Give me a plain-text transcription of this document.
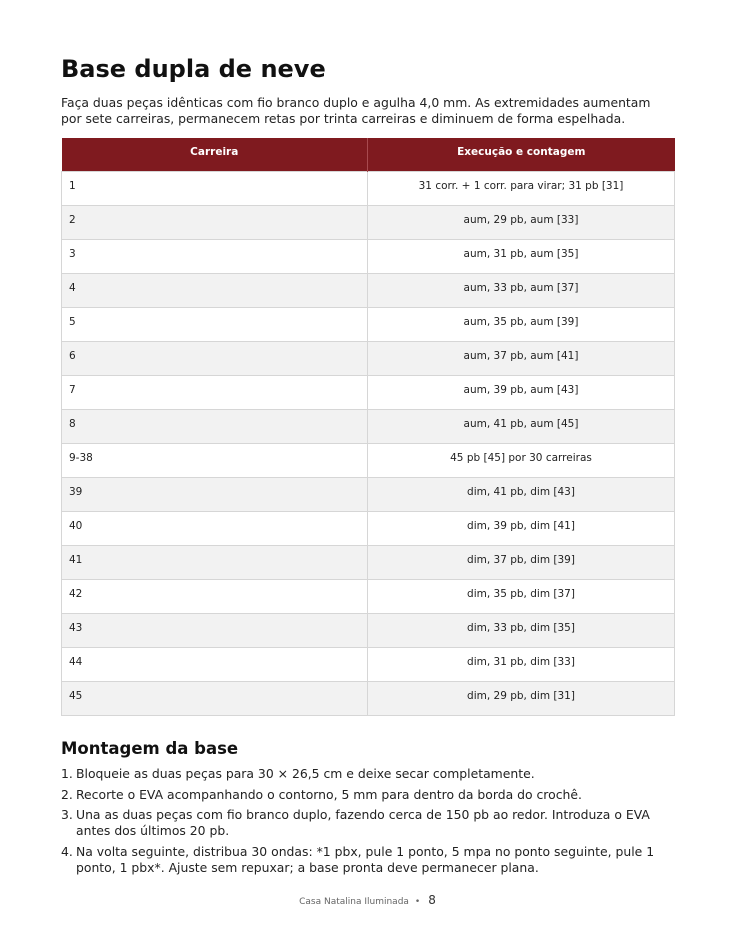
Base dupla de neve

Faça duas peças idênticas com fio branco duplo e agulha 4,0 mm. As extremidades aumentam por sete carreiras, permanecem retas por trinta carreiras e diminuem de forma espelhada.

Carreira	Execução e contagem
1	31 corr. + 1 corr. para virar; 31 pb [31]
2	aum, 29 pb, aum [33]
3	aum, 31 pb, aum [35]
4	aum, 33 pb, aum [37]
5	aum, 35 pb, aum [39]
6	aum, 37 pb, aum [41]
7	aum, 39 pb, aum [43]
8	aum, 41 pb, aum [45]
9-38	45 pb [45] por 30 carreiras
39	dim, 41 pb, dim [43]
40	dim, 39 pb, dim [41]
41	dim, 37 pb, dim [39]
42	dim, 35 pb, dim [37]
43	dim, 33 pb, dim [35]
44	dim, 31 pb, dim [33]
45	dim, 29 pb, dim [31]
Montagem da base
1. Bloqueie as duas peças para 30 × 26,5 cm e deixe secar completamente.
2. Recorte o EVA acompanhando o contorno, 5 mm para dentro da borda do crochê.
3. Una as duas peças com fio branco duplo, fazendo cerca de 150 pb ao redor. Introduza o EVA antes dos últimos 20 pb.
4. Na volta seguinte, distribua 30 ondas: *1 pbx, pule 1 ponto, 5 mpa no ponto seguinte, pule 1 ponto, 1 pbx*. Ajuste sem repuxar; a base pronta deve permanecer plana.
Casa Natalina Iluminada • 8
